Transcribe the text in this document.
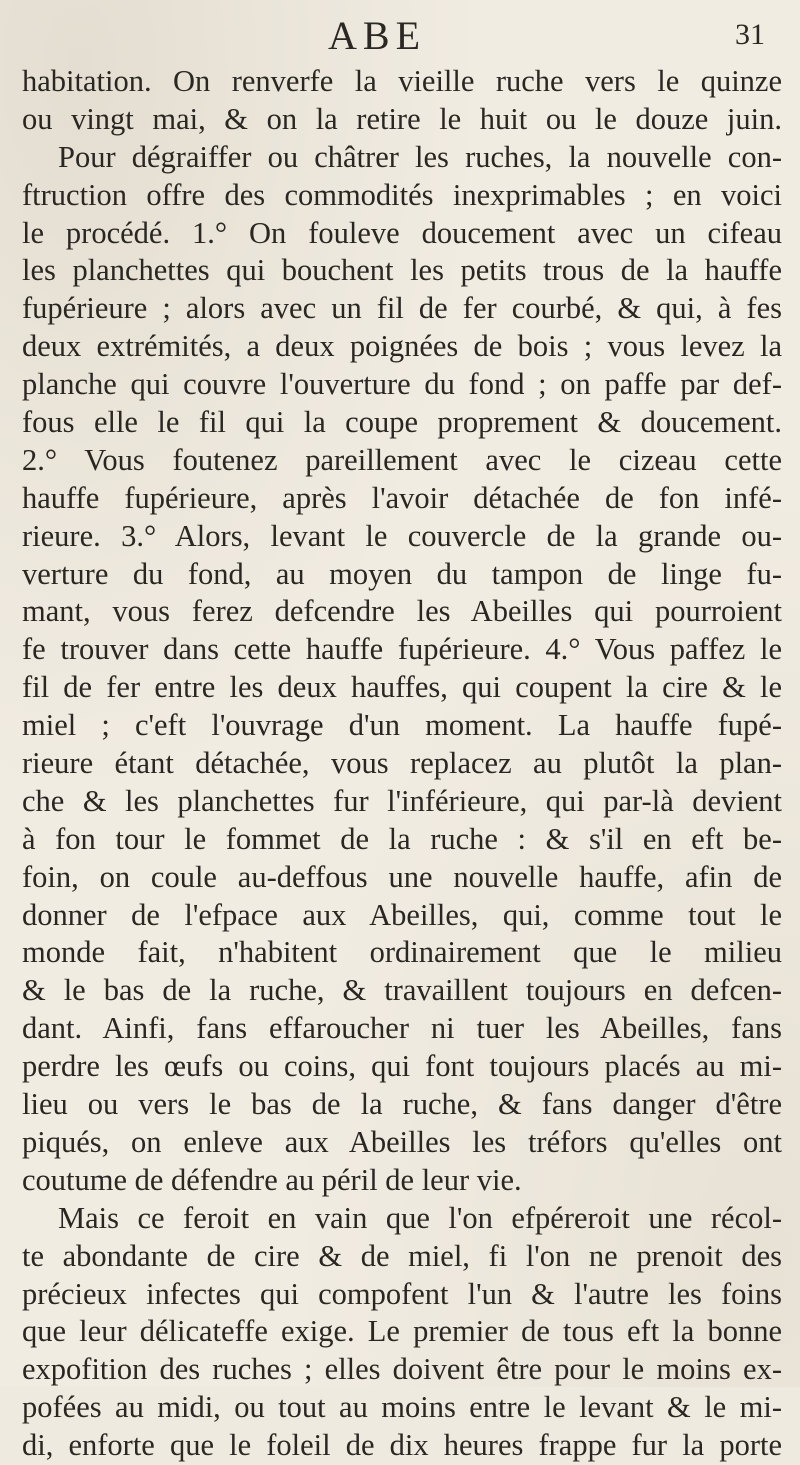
ABE	31
habitation. On renverfe la vieille ruche vers le quinze
ou vingt mai, & on la retire le huit ou le douze juin.
Pour dégraiffer ou châtrer les ruches, la nouvelle con-
ftruction offre des commodités inexprimables ; en voici
le procédé. 1.° On fouleve doucement avec un cifeau
les planchettes qui bouchent les petits trous de la hauffe
fupérieure ; alors avec un fil de fer courbé, & qui, à fes
deux extrémités, a deux poignées de bois ; vous levez la
planche qui couvre l'ouverture du fond ; on paffe par def-
fous elle le fil qui la coupe proprement & doucement.
2.° Vous foutenez pareillement avec le cizeau cette
hauffe fupérieure, après l'avoir détachée de fon infé-
rieure. 3.° Alors, levant le couvercle de la grande ou-
verture du fond, au moyen du tampon de linge fu-
mant, vous ferez defcendre les Abeilles qui pourroient
fe trouver dans cette hauffe fupérieure. 4.° Vous paffez le
fil de fer entre les deux hauffes, qui coupent la cire & le
miel ; c'eft l'ouvrage d'un moment. La hauffe fupé-
rieure étant détachée, vous replacez au plutôt la plan-
che & les planchettes fur l'inférieure, qui par-là devient
à fon tour le fommet de la ruche : & s'il en eft be-
foin, on coule au-deffous une nouvelle hauffe, afin de
donner de l'efpace aux Abeilles, qui, comme tout le
monde fait, n'habitent ordinairement que le milieu
& le bas de la ruche, & travaillent toujours en defcen-
dant. Ainfi, fans effaroucher ni tuer les Abeilles, fans
perdre les œufs ou coins, qui font toujours placés au mi-
lieu ou vers le bas de la ruche, & fans danger d'être
piqués, on enleve aux Abeilles les tréfors qu'elles ont
coutume de défendre au péril de leur vie.
Mais ce feroit en vain que l'on efpéreroit une récol-
te abondante de cire & de miel, fi l'on ne prenoit des
précieux infectes qui compofent l'un & l'autre les foins
que leur délicateffe exige. Le premier de tous eft la bonne
expofition des ruches ; elles doivent être pour le moins ex-
pofées au midi, ou tout au moins entre le levant & le mi-
di, enforte que le foleil de dix heures frappe fur la porte
